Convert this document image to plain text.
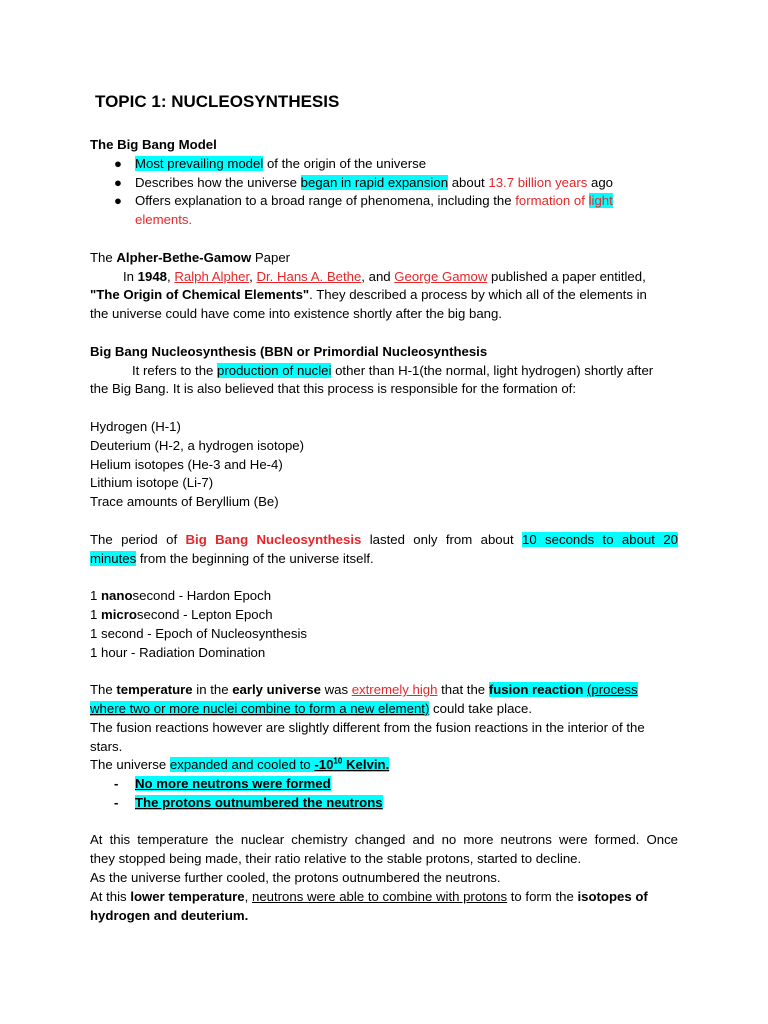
TOPIC 1: NUCLEOSYNTHESIS

The Big Bang Model

● Most prevailing model of the origin of the universe

● Describes how the universe began in rapid expansion about 13.7 billion years ago

● Offers explanation to a broad range of phenomena, including the formation of light
elements.

The Alpher-Bethe-Gamow Paper

In 1948, Ralph Alpher, Dr. Hans A. Bethe, and George Gamow published a paper entitled,

"The Origin of Chemical Elements". They described a process by which all of the elements in

the universe could have come into existence shortly after the big bang.

Big Bang Nucleosynthesis (BBN or Primordial Nucleosynthesis

It refers to the production of nuclei other than H-1(the normal, light hydrogen) shortly after

the Big Bang. It is also believed that this process is responsible for the formation of:

Hydrogen (H-1)

Deuterium (H-2, a hydrogen isotope)

Helium isotopes (He-3 and He-4)

Lithium isotope (Li-7)

Trace amounts of Beryllium (Be)

The period of Big Bang Nucleosynthesis lasted only from about 10 seconds to about 20

minutes from the beginning of the universe itself.

1 nanosecond - Hardon Epoch

1 microsecond - Lepton Epoch

1 second - Epoch of Nucleosynthesis

1 hour - Radiation Domination

The temperature in the early universe was extremely high that the fusion reaction (process

where two or more nuclei combine to form a new element) could take place.

The fusion reactions however are slightly different from the fusion reactions in the interior of the

stars.

The universe expanded and cooled to $-10^{10}$ Kelvin.

- No more neutrons were formed

- The protons outnumbered the neutrons

At this temperature the nuclear chemistry changed and no more neutrons were formed. Once

they stopped being made, their ratio relative to the stable protons, started to decline.

As the universe further cooled, the protons outnumbered the neutrons.

At this lower temperature, neutrons were able to combine with protons to form the isotopes of

hydrogen and deuterium.
